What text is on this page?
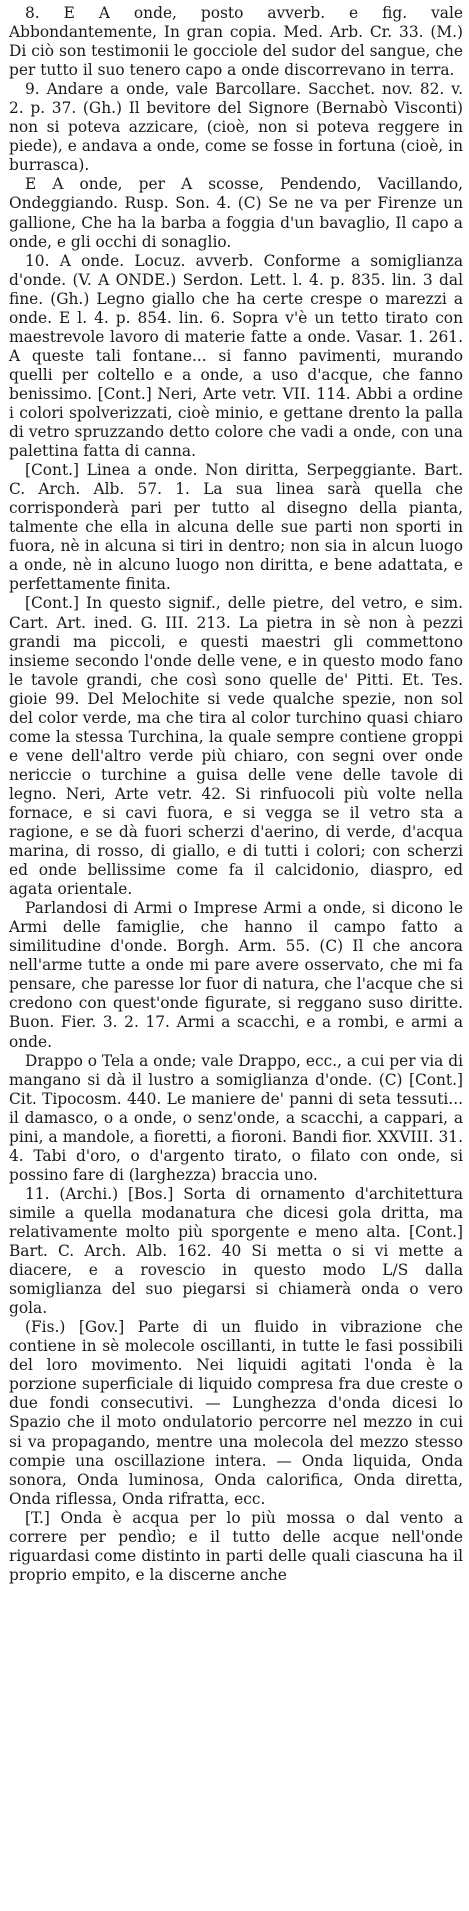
8. E A onde, posto avverb. e fig. vale Abbondantemente, In gran copia. Med. Arb. Cr. 33. (M.) Di ciò son testimonii le gocciole del sudor del sangue, che per tutto il suo tenero capo a onde discorrevano in terra.

9. Andare a onde, vale Barcollare. Sacchet. nov. 82. v. 2. p. 37. (Gh.) Il bevitore del Signore (Bernabò Visconti) non si poteva azzicare, (cioè, non si poteva reggere in piede), e andava a onde, come se fosse in fortuna (cioè, in burrasca).

E A onde, per A scosse, Pendendo, Vacillando, Ondeggiando. Rusp. Son. 4. (C) Se ne va per Firenze un gallione, Che ha la barba a foggia d'un bavaglio, Il capo a onde, e gli occhi di sonaglio.

10. A onde. Locuz. avverb. Conforme a somiglianza d'onde. (V. A ONDE.) Serdon. Lett. l. 4. p. 835. lin. 3 dal fine. (Gh.) Legno giallo che ha certe crespe o marezzi a onde. E l. 4. p. 854. lin. 6. Sopra v'è un tetto tirato con maestrevole lavoro di materie fatte a onde. Vasar. 1. 261. A queste tali fontane... si fanno pavimenti, murando quelli per coltello e a onde, a uso d'acque, che fanno benissimo. [Cont.] Neri, Arte vetr. VII. 114. Abbi a ordine i colori spolverizzati, cioè minio, e gettane drento la palla di vetro spruzzando detto colore che vadi a onde, con una palettina fatta di canna.

[Cont.] Linea a onde. Non diritta, Serpeggiante. Bart. C. Arch. Alb. 57. 1. La sua linea sarà quella che corrisponderà pari per tutto al disegno della pianta, talmente che ella in alcuna delle sue parti non sporti in fuora, nè in alcuna si tiri in dentro; non sia in alcun luogo a onde, nè in alcuno luogo non diritta, e bene adattata, e perfettamente finita.

[Cont.] In questo signif., delle pietre, del vetro, e sim. Cart. Art. ined. G. III. 213. La pietra in sè non à pezzi grandi ma piccoli, e questi maestri gli commettono insieme secondo l'onde delle vene, e in questo modo fano le tavole grandi, che così sono quelle de' Pitti. Et. Tes. gioie 99. Del Melochite si vede qualche spezie, non sol del color verde, ma che tira al color turchino quasi chiaro come la stessa Turchina, la quale sempre contiene groppi e vene dell'altro verde più chiaro, con segni over onde nericcie o turchine a guisa delle vene delle tavole di legno. Neri, Arte vetr. 42. Si rinfuocoli più volte nella fornace, e si cavi fuora, e si vegga se il vetro sta a ragione, e se dà fuori scherzi d'aerino, di verde, d'acqua marina, di rosso, di giallo, e di tutti i colori; con scherzi ed onde bellissime come fa il calcidonio, diaspro, ed agata orientale.

Parlandosi di Armi o Imprese Armi a onde, si dicono le Armi delle famiglie, che hanno il campo fatto a similitudine d'onde. Borgh. Arm. 55. (C) Il che ancora nell'arme tutte a onde mi pare avere osservato, che mi fa pensare, che paresse lor fuor di natura, che l'acque che si credono con quest'onde figurate, si reggano suso diritte. Buon. Fier. 3. 2. 17. Armi a scacchi, e a rombi, e armi a onde.

Drappo o Tela a onde; vale Drappo, ecc., a cui per via di mangano si dà il lustro a somiglianza d'onde. (C) [Cont.] Cit. Tipocosm. 440. Le maniere de' panni di seta tessuti... il damasco, o a onde, o senz'onde, a scacchi, a cappari, a pini, a mandole, a fioretti, a fioroni. Bandi fior. XXVIII. 31. 4. Tabi d'oro, o d'argento tirato, o filato con onde, si possino fare di (larghezza) braccia uno.

11. (Archi.) [Bos.] Sorta di ornamento d'architettura simile a quella modanatura che dicesi gola dritta, ma relativamente molto più sporgente e meno alta. [Cont.] Bart. C. Arch. Alb. 162. 40 Si metta o si vi mette a diacere, e a rovescio in questo modo L/S dalla somiglianza del suo piegarsi si chiamerà onda o vero gola.

(Fis.) [Gov.] Parte di un fluido in vibrazione che contiene in sè molecole oscillanti, in tutte le fasi possibili del loro movimento. Nei liquidi agitati l'onda è la porzione superficiale di liquido compresa fra due creste o due fondi consecutivi. — Lunghezza d'onda dicesi lo Spazio che il moto ondulatorio percorre nel mezzo in cui si va propagando, mentre una molecola del mezzo stesso compie una oscillazione intera. — Onda liquida, Onda sonora, Onda luminosa, Onda calorifica, Onda diretta, Onda riflessa, Onda rifratta, ecc.

[T.] Onda è acqua per lo più mossa o dal vento a correre per pendìo; e il tutto delle acque nell'onde riguardasi come distinto in parti delle quali ciascuna ha il proprio empito, e la discerne anche
